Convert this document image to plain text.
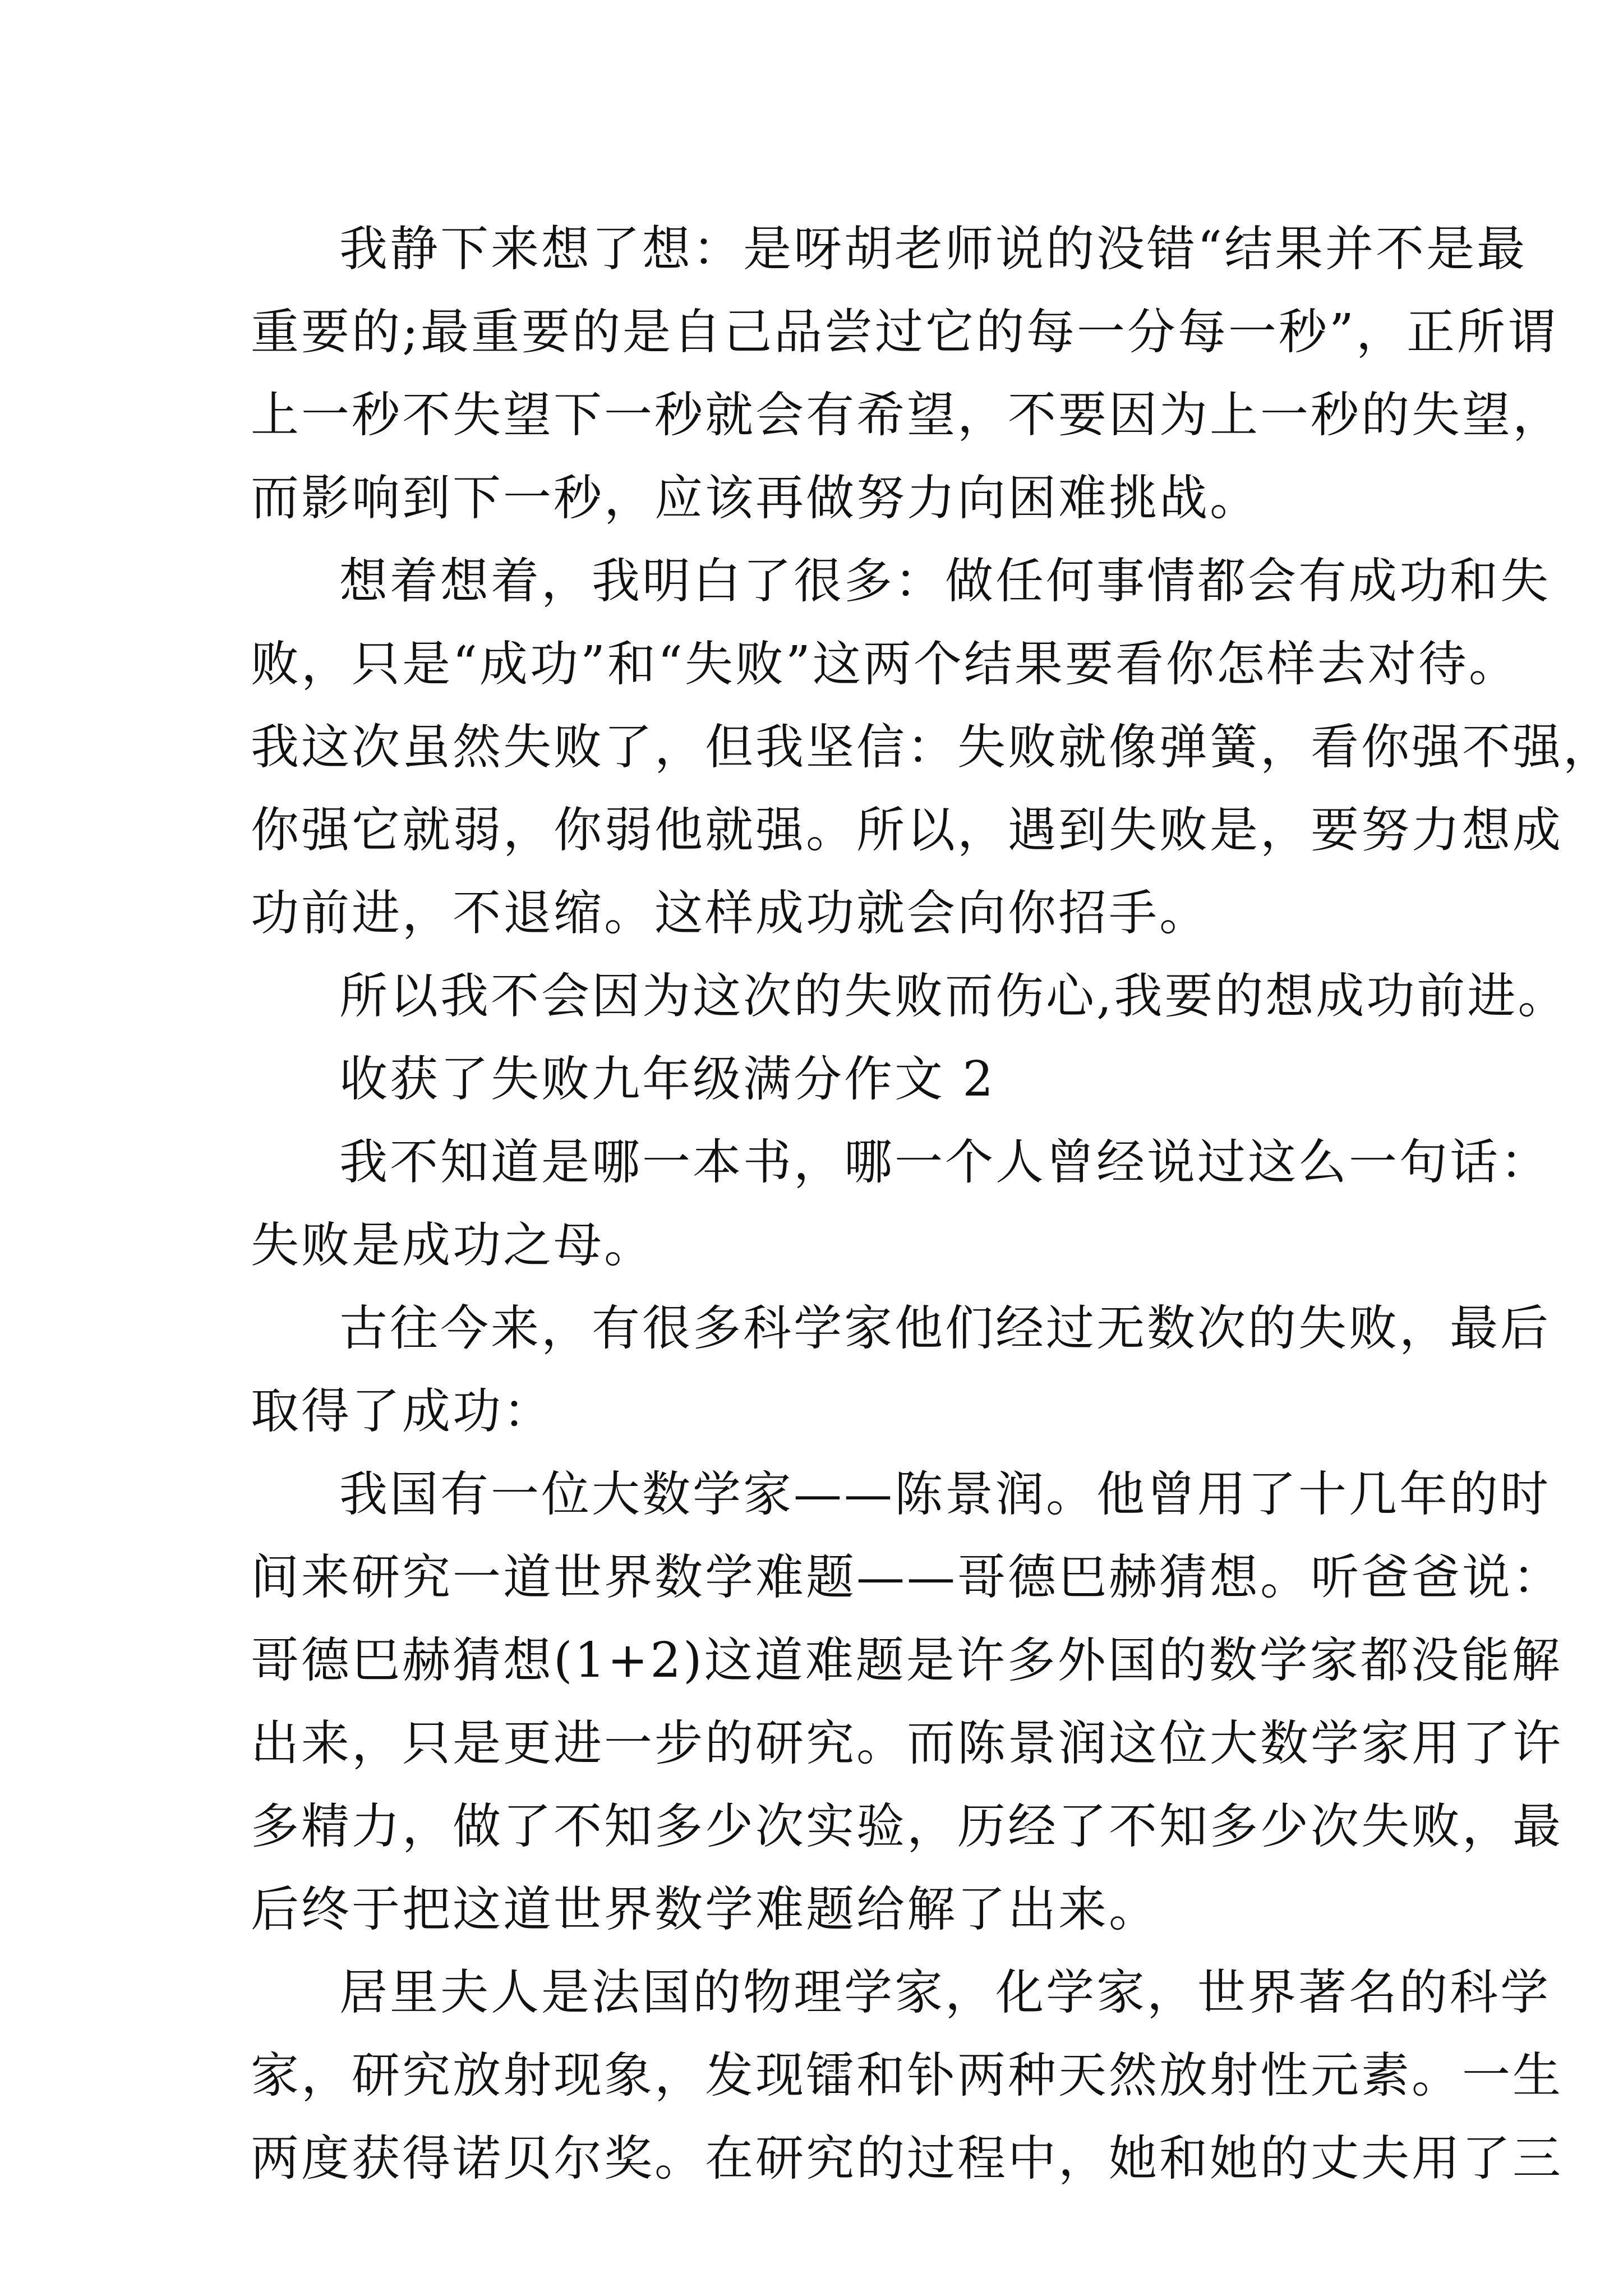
我静下来想了想：是呀胡老师说的没错“结果并不是最
重要的;最重要的是自己品尝过它的每一分每一秒”，正所谓
上一秒不失望下一秒就会有希望，不要因为上一秒的失望，
而影响到下一秒，应该再做努力向困难挑战。
想着想着，我明白了很多：做任何事情都会有成功和失
败，只是“成功”和“失败”这两个结果要看你怎样去对待。
我这次虽然失败了，但我坚信：失败就像弹簧，看你强不强，
你强它就弱，你弱他就强。所以，遇到失败是，要努力想成
功前进，不退缩。这样成功就会向你招手。
所以我不会因为这次的失败而伤心,我要的想成功前进。
收获了失败九年级满分作文 2
我不知道是哪一本书，哪一个人曾经说过这么一句话：
失败是成功之母。
古往今来，有很多科学家他们经过无数次的失败，最后
取得了成功：
我国有一位大数学家——陈景润。他曾用了十几年的时
间来研究一道世界数学难题——哥德巴赫猜想。听爸爸说：
哥德巴赫猜想(1+2)这道难题是许多外国的数学家都没能解
出来，只是更进一步的研究。而陈景润这位大数学家用了许
多精力，做了不知多少次实验，历经了不知多少次失败，最
后终于把这道世界数学难题给解了出来。
居里夫人是法国的物理学家，化学家，世界著名的科学
家，研究放射现象，发现镭和钋两种天然放射性元素。一生
两度获得诺贝尔奖。在研究的过程中，她和她的丈夫用了三
